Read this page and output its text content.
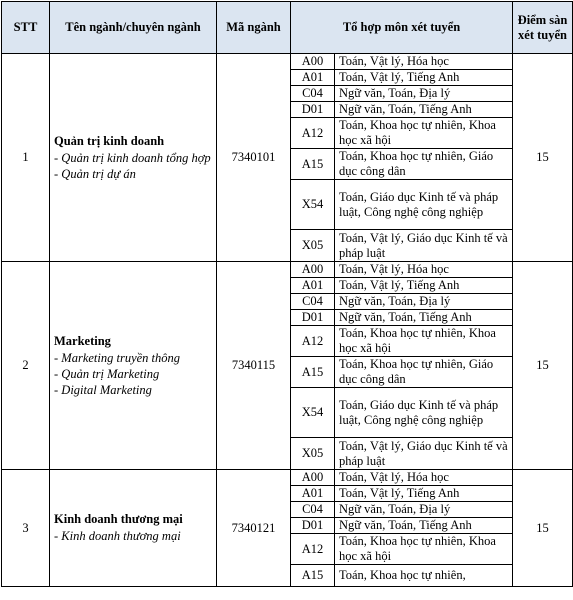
STT	Tên ngành/chuyên ngành	Mã ngành	Tổ hợp môn xét tuyển		Điểm sàn xét tuyển
1	Quản trị kinh doanh
- Quản trị kinh doanh tổng hợp
- Quản trị dự án	7340101	A00	Toán, Vật lý, Hóa học	15
			A01	Toán, Vật lý, Tiếng Anh	
			C04	Ngữ văn, Toán, Địa lý	
			D01	Ngữ văn, Toán, Tiếng Anh	
			A12	Toán, Khoa học tự nhiên, Khoa học xã hội	
			A15	Toán, Khoa học tự nhiên, Giáo dục công dân	
			X54	Toán, Giáo dục Kinh tế và pháp luật, Công nghệ công nghiệp	
			X05	Toán, Vật lý, Giáo dục Kinh tế và pháp luật	
2	Marketing
- Marketing truyền thông
- Quản trị Marketing
- Digital Marketing	7340115	A00	Toán, Vật lý, Hóa học	15
			A01	Toán, Vật lý, Tiếng Anh	
			C04	Ngữ văn, Toán, Địa lý	
			D01	Ngữ văn, Toán, Tiếng Anh	
			A12	Toán, Khoa học tự nhiên, Khoa học xã hội	
			A15	Toán, Khoa học tự nhiên, Giáo dục công dân	
			X54	Toán, Giáo dục Kinh tế và pháp luật, Công nghệ công nghiệp	
			X05	Toán, Vật lý, Giáo dục Kinh tế và pháp luật	
3	Kinh doanh thương mại
- Kinh doanh thương mại	7340121	A00	Toán, Vật lý, Hóa học	15
			A01	Toán, Vật lý, Tiếng Anh	
			C04	Ngữ văn, Toán, Địa lý	
			D01	Ngữ văn, Toán, Tiếng Anh	
			A12	Toán, Khoa học tự nhiên, Khoa học xã hội	
			A15	Toán, Khoa học tự nhiên,	
